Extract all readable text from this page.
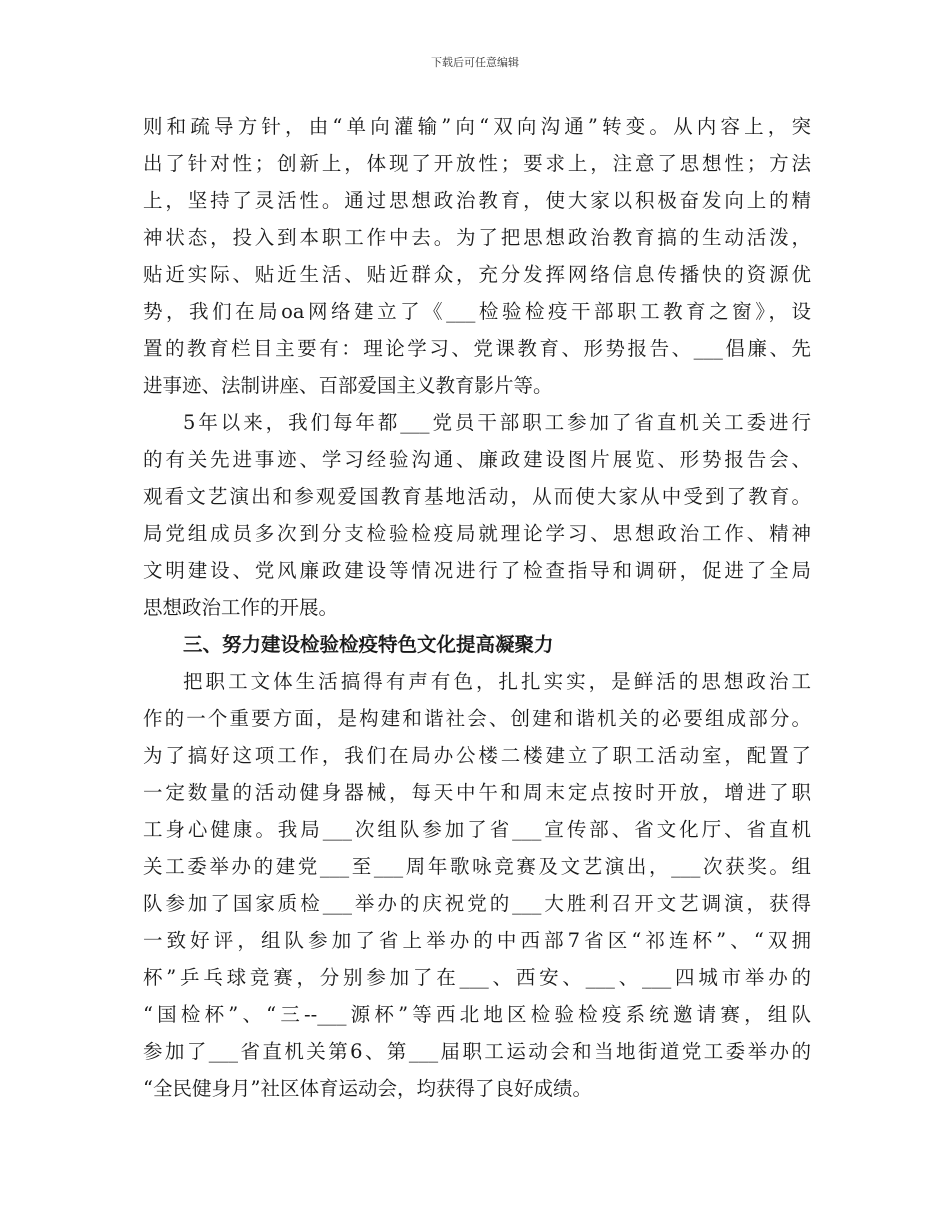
下载后可任意编辑
则和疏导方针，由“单向灌输”向“双向沟通”转变。从内容上，突
出了针对性；创新上，体现了开放性；要求上，注意了思想性；方法
上，坚持了灵活性。通过思想政治教育，使大家以积极奋发向上的精
神状态，投入到本职工作中去。为了把思想政治教育搞的生动活泼，
贴近实际、贴近生活、贴近群众，充分发挥网络信息传播快的资源优
势，我们在局oa网络建立了《___检验检疫干部职工教育之窗》，设
置的教育栏目主要有：理论学习、党课教育、形势报告、___倡廉、先
进事迹、法制讲座、百部爱国主义教育影片等。
5年以来，我们每年都___党员干部职工参加了省直机关工委进行
的有关先进事迹、学习经验沟通、廉政建设图片展览、形势报告会、
观看文艺演出和参观爱国教育基地活动，从而使大家从中受到了教育。
局党组成员多次到分支检验检疫局就理论学习、思想政治工作、精神
文明建设、党风廉政建设等情况进行了检查指导和调研，促进了全局
思想政治工作的开展。
三、努力建设检验检疫特色文化提高凝聚力
把职工文体生活搞得有声有色，扎扎实实，是鲜活的思想政治工
作的一个重要方面，是构建和谐社会、创建和谐机关的必要组成部分。
为了搞好这项工作，我们在局办公楼二楼建立了职工活动室，配置了
一定数量的活动健身器械，每天中午和周末定点按时开放，增进了职
工身心健康。我局___次组队参加了省___宣传部、省文化厅、省直机
关工委举办的建党___至___周年歌咏竞赛及文艺演出，___次获奖。组
队参加了国家质检___举办的庆祝党的___大胜利召开文艺调演，获得
一致好评，组队参加了省上举办的中西部7省区“祁连杯”、“双拥
杯”乒乓球竞赛，分别参加了在___、西安、___、___四城市举办的
“国检杯”、“三--___源杯”等西北地区检验检疫系统邀请赛，组队
参加了___省直机关第6、第___届职工运动会和当地街道党工委举办的
“全民健身月”社区体育运动会，均获得了良好成绩。
